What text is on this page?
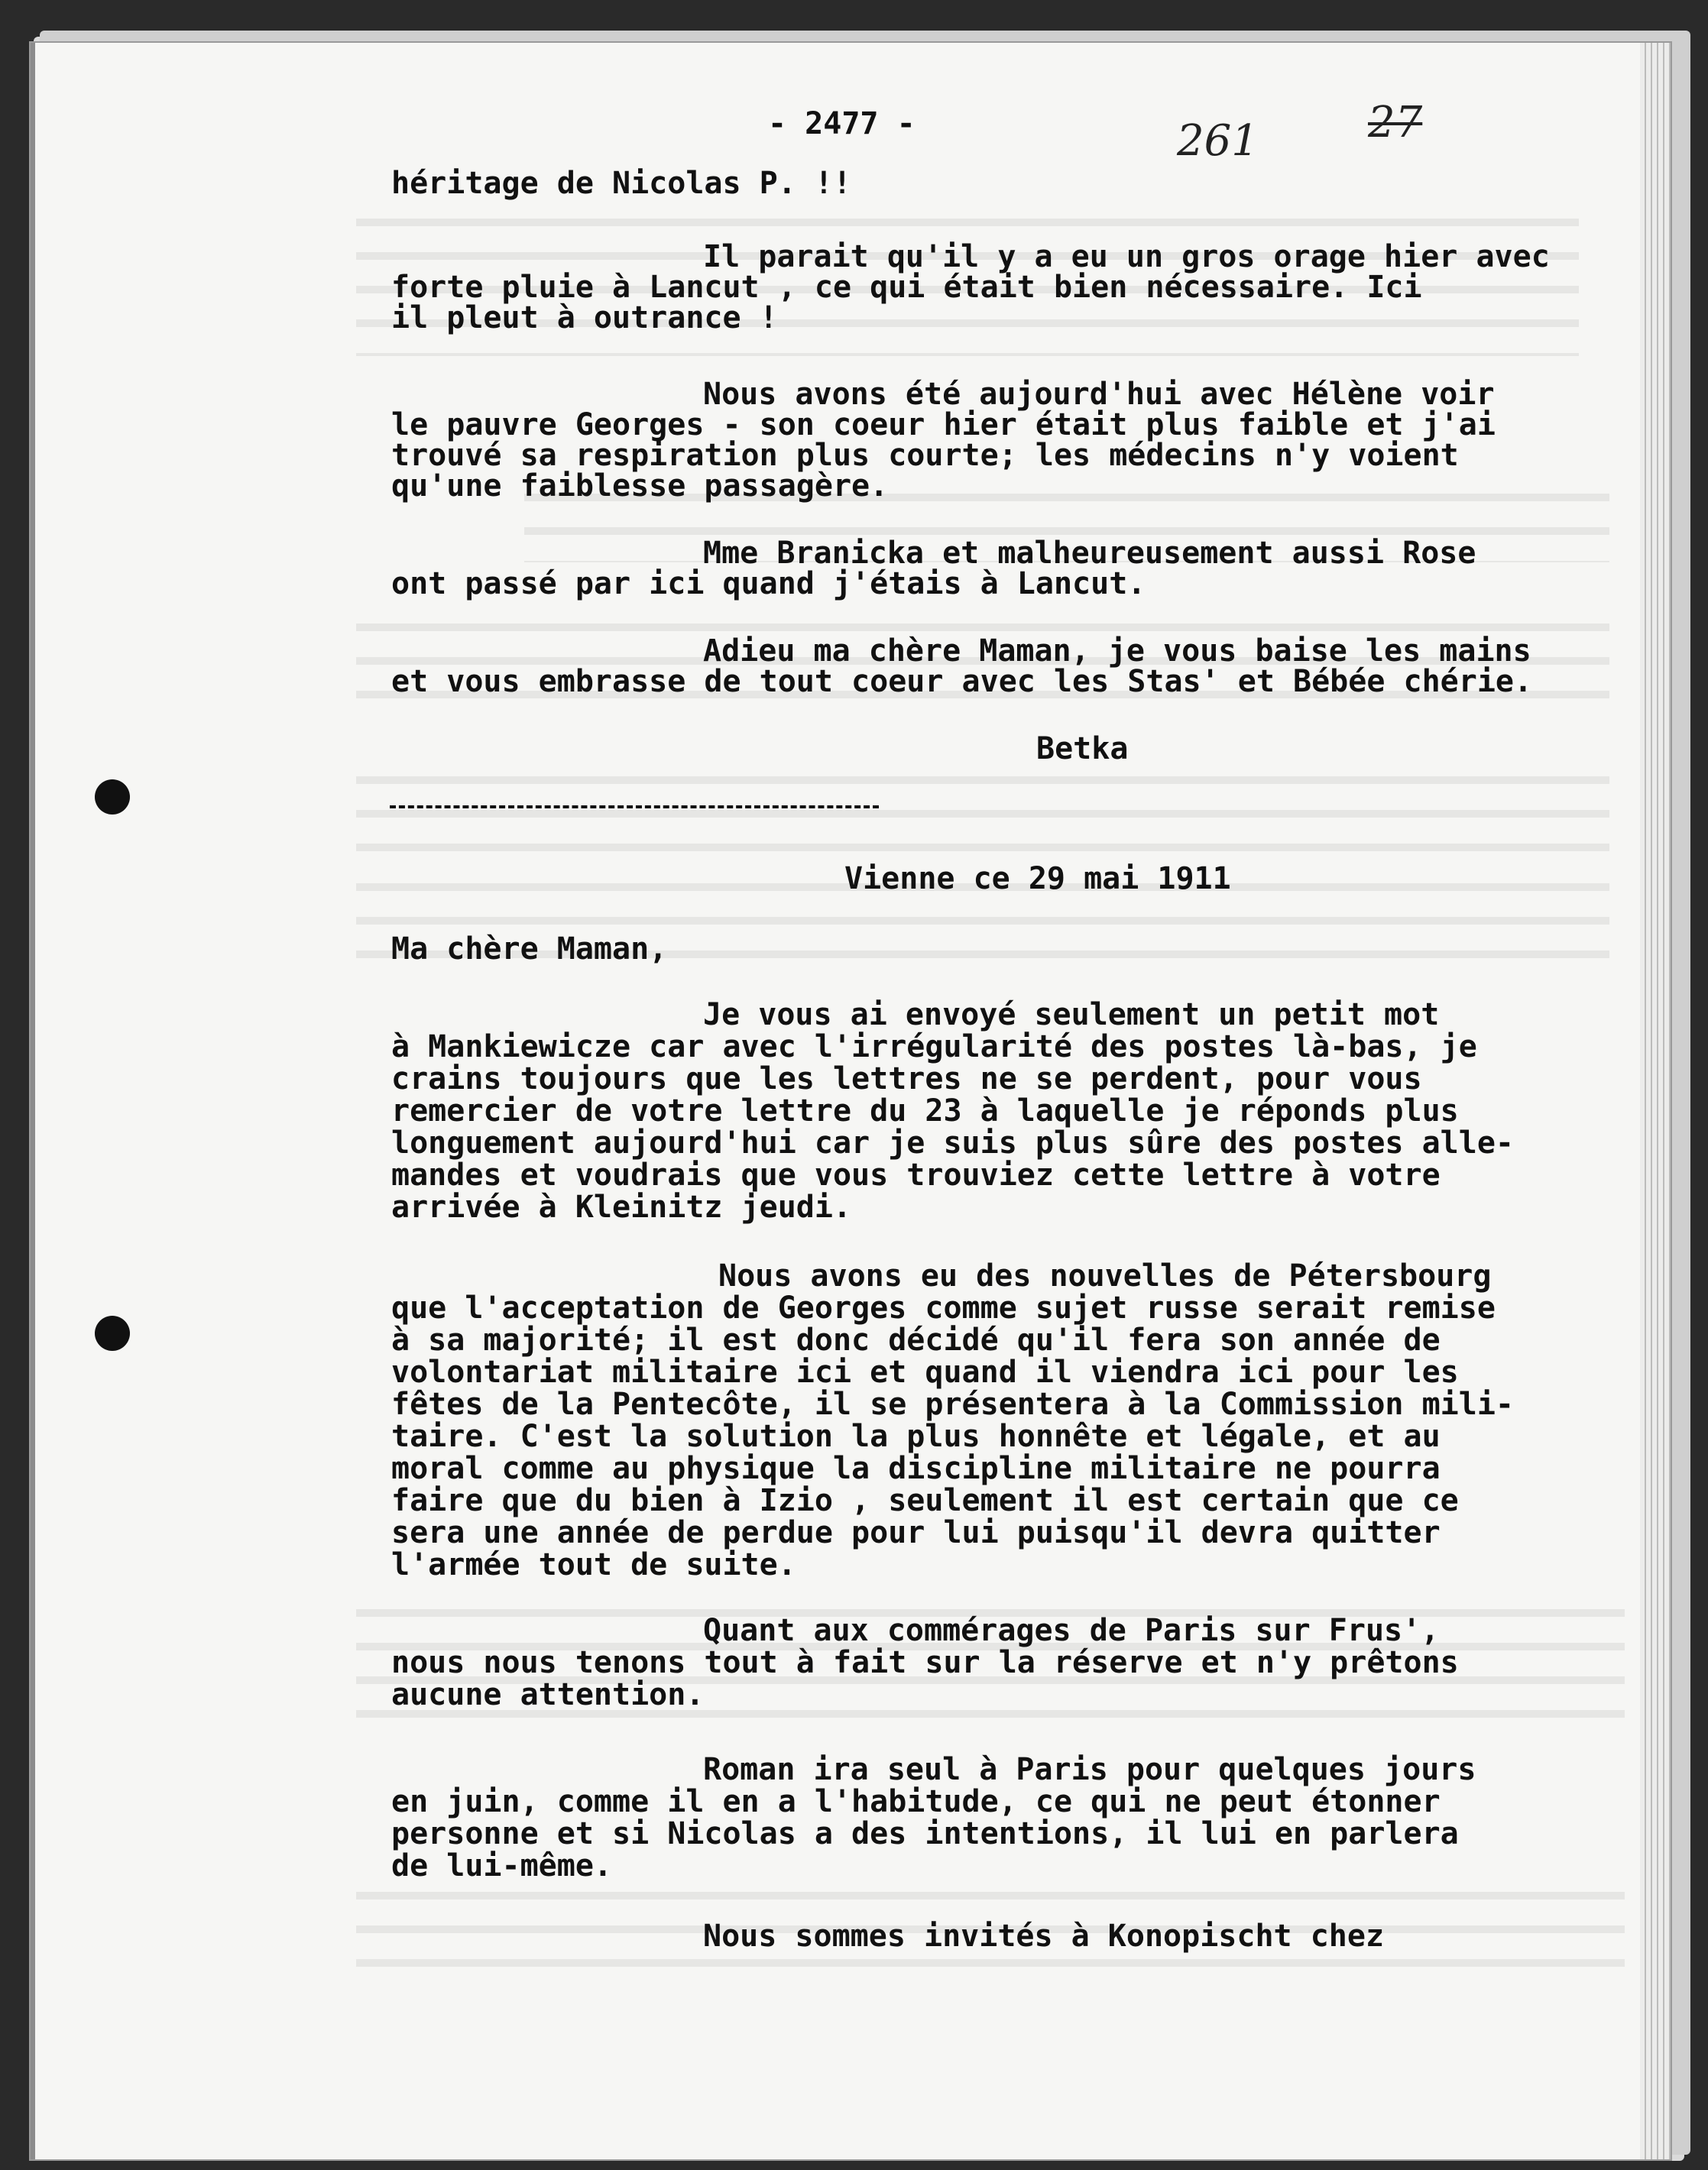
- 2477 -	261	27
héritage de Nicolas P. !!
Il parait qu'il y a eu un gros orage hier avec
forte pluie à Lancut , ce qui était bien nécessaire. Ici
il pleut à outrance !
Nous avons été aujourd'hui avec Hélène voir
le pauvre Georges - son coeur hier était plus faible et j'ai
trouvé sa respiration plus courte; les médecins n'y voient
qu'une faiblesse passagère.
Mme Branicka et malheureusement aussi Rose
ont passé par ici quand j'étais à Lancut.
Adieu ma chère Maman, je vous baise les mains
et vous embrasse de tout coeur avec les Stas' et Bébée chérie.
Betka
Vienne ce 29 mai 1911
Ma chère Maman,
Je vous ai envoyé seulement un petit mot
à Mankiewicze car avec l'irrégularité des postes là-bas, je
crains toujours que les lettres ne se perdent, pour vous
remercier de votre lettre du 23 à laquelle je réponds plus
longuement aujourd'hui car je suis plus sûre des postes alle-
mandes et voudrais que vous trouviez cette lettre à votre
arrivée à Kleinitz jeudi.
Nous avons eu des nouvelles de Pétersbourg
que l'acceptation de Georges comme sujet russe serait remise
à sa majorité; il est donc décidé qu'il fera son année de
volontariat militaire ici et quand il viendra ici pour les
fêtes de la Pentecôte, il se présentera à la Commission mili-
taire. C'est la solution la plus honnête et légale, et au
moral comme au physique la discipline militaire ne pourra
faire que du bien à Izio , seulement il est certain que ce
sera une année de perdue pour lui puisqu'il devra quitter
l'armée tout de suite.
Quant aux commérages de Paris sur Frus',
nous nous tenons tout à fait sur la réserve et n'y prêtons
aucune attention.
Roman ira seul à Paris pour quelques jours
en juin, comme il en a l'habitude, ce qui ne peut étonner
personne et si Nicolas a des intentions, il lui en parlera
de lui-même.
Nous sommes invités à Konopischt chez
